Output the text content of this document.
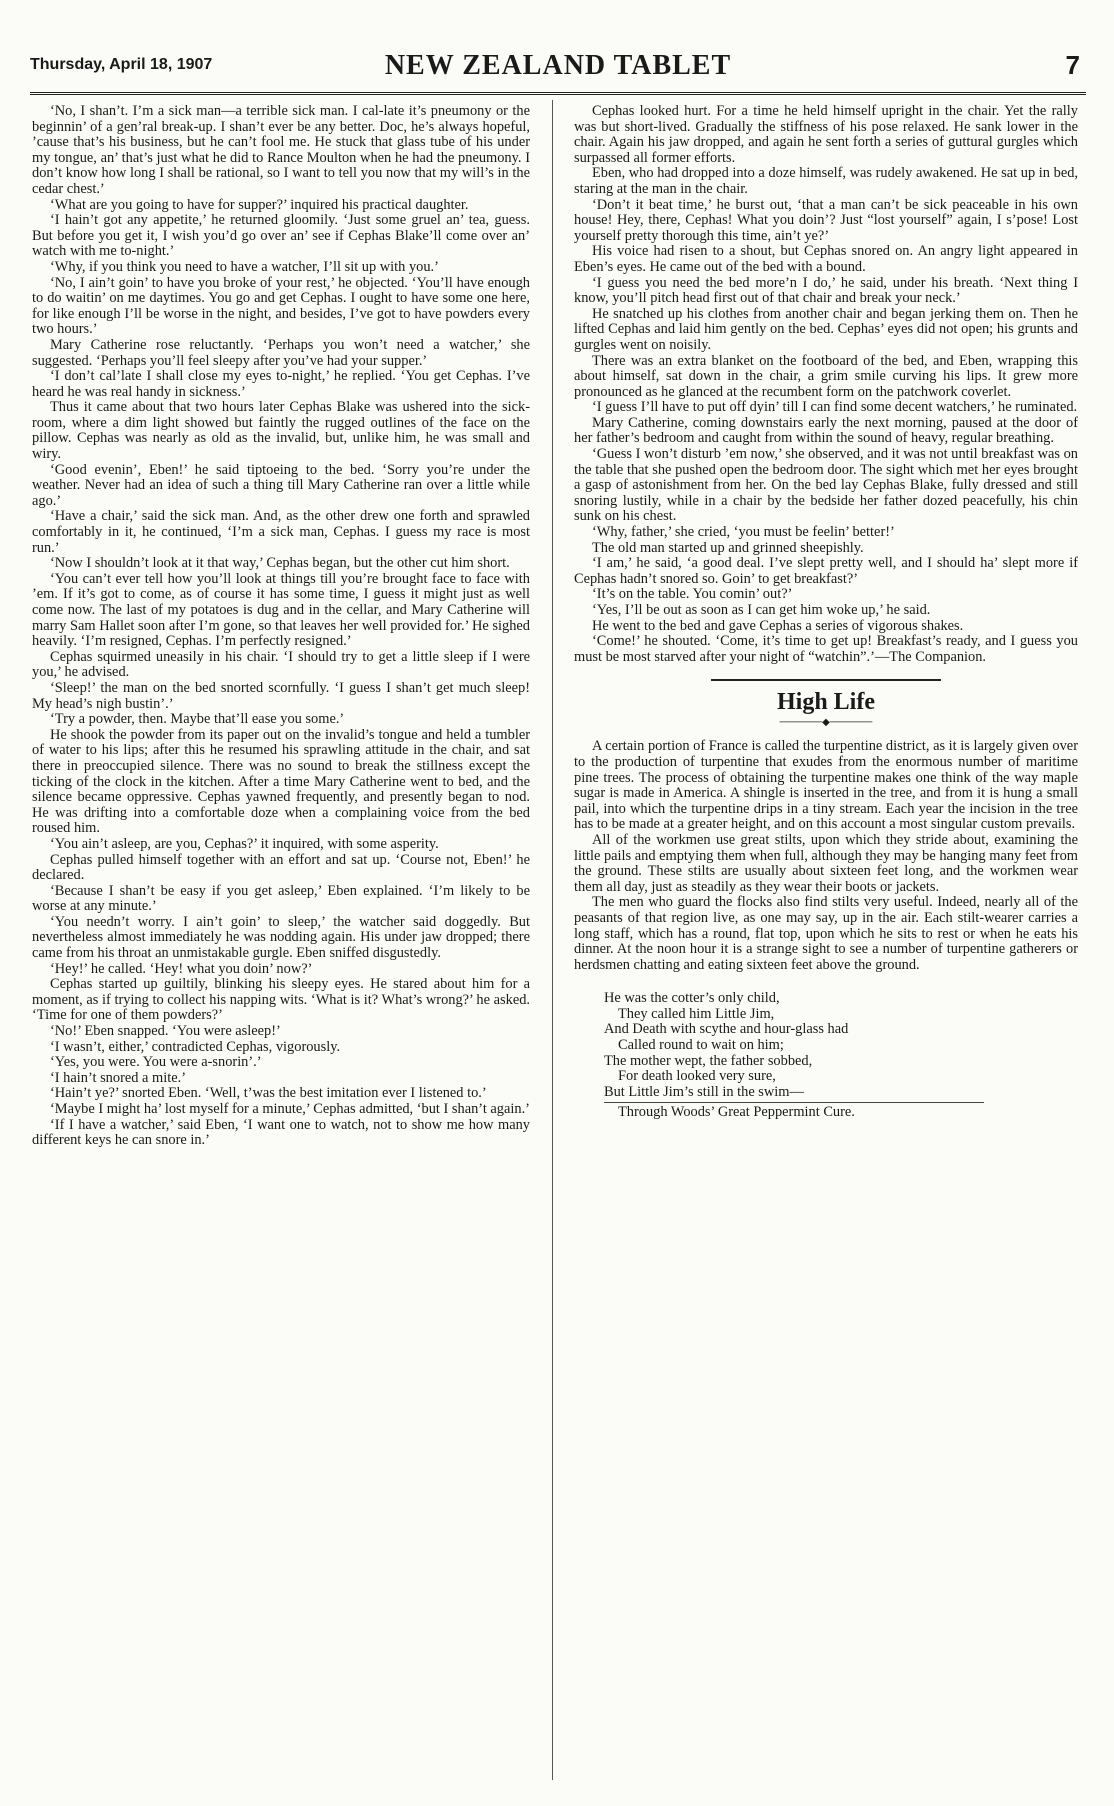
Thursday, April 18, 1907	NEW ZEALAND TABLET	7

‘No, I shan’t. I’m a sick man—a terrible sick man. I cal-late it’s pneumony or the beginnin’ of a gen’ral break-up. I shan’t ever be any better. Doc, he’s always hopeful, ’cause that’s his business, but he can’t fool me. He stuck that glass tube of his under my tongue, an’ that’s just what he did to Rance Moulton when he had the pneumony. I don’t know how long I shall be rational, so I want to tell you now that my will’s in the cedar chest.’

‘What are you going to have for supper?’ inquired his practical daughter.

‘I hain’t got any appetite,’ he returned gloomily. ‘Just some gruel an’ tea, guess. But before you get it, I wish you’d go over an’ see if Cephas Blake’ll come over an’ watch with me to-night.’

‘Why, if you think you need to have a watcher, I’ll sit up with you.’

‘No, I ain’t goin’ to have you broke of your rest,’ he objected. ‘You’ll have enough to do waitin’ on me daytimes. You go and get Cephas. I ought to have some one here, for like enough I’ll be worse in the night, and besides, I’ve got to have powders every two hours.’

Mary Catherine rose reluctantly. ‘Perhaps you won’t need a watcher,’ she suggested. ‘Perhaps you’ll feel sleepy after you’ve had your supper.’

‘I don’t cal’late I shall close my eyes to-night,’ he replied. ‘You get Cephas. I’ve heard he was real handy in sickness.’

Thus it came about that two hours later Cephas Blake was ushered into the sick-room, where a dim light showed but faintly the rugged outlines of the face on the pillow. Cephas was nearly as old as the invalid, but, unlike him, he was small and wiry.

‘Good evenin’, Eben!’ he said tiptoeing to the bed. ‘Sorry you’re under the weather. Never had an idea of such a thing till Mary Catherine ran over a little while ago.’

‘Have a chair,’ said the sick man. And, as the other drew one forth and sprawled comfortably in it, he continued, ‘I’m a sick man, Cephas. I guess my race is most run.’

‘Now I shouldn’t look at it that way,’ Cephas began, but the other cut him short.

‘You can’t ever tell how you’ll look at things till you’re brought face to face with ’em. If it’s got to come, as of course it has some time, I guess it might just as well come now. The last of my potatoes is dug and in the cellar, and Mary Catherine will marry Sam Hallet soon after I’m gone, so that leaves her well provided for.’ He sighed heavily. ‘I’m resigned, Cephas. I’m perfectly resigned.’

Cephas squirmed uneasily in his chair. ‘I should try to get a little sleep if I were you,’ he advised.

‘Sleep!’ the man on the bed snorted scornfully. ‘I guess I shan’t get much sleep! My head’s nigh bustin’.’

‘Try a powder, then. Maybe that’ll ease you some.’

He shook the powder from its paper out on the invalid’s tongue and held a tumbler of water to his lips; after this he resumed his sprawling attitude in the chair, and sat there in preoccupied silence. There was no sound to break the stillness except the ticking of the clock in the kitchen. After a time Mary Catherine went to bed, and the silence became oppressive. Cephas yawned frequently, and presently began to nod. He was drifting into a comfortable doze when a complaining voice from the bed roused him.

‘You ain’t asleep, are you, Cephas?’ it inquired, with some asperity.

Cephas pulled himself together with an effort and sat up. ‘Course not, Eben!’ he declared.

‘Because I shan’t be easy if you get asleep,’ Eben explained. ‘I’m likely to be worse at any minute.’

‘You needn’t worry. I ain’t goin’ to sleep,’ the watcher said doggedly. But nevertheless almost immediately he was nodding again. His under jaw dropped; there came from his throat an unmistakable gurgle. Eben sniffed disgustedly.

‘Hey!’ he called. ‘Hey! what you doin’ now?’

Cephas started up guiltily, blinking his sleepy eyes. He stared about him for a moment, as if trying to collect his napping wits. ‘What is it? What’s wrong?’ he asked. ‘Time for one of them powders?’

‘No!’ Eben snapped. ‘You were asleep!’

‘I wasn’t, either,’ contradicted Cephas, vigorously.

‘Yes, you were. You were a-snorin’.’

‘I hain’t snored a mite.’

‘Hain’t ye?’ snorted Eben. ‘Well, t’was the best imitation ever I listened to.’

‘Maybe I might ha’ lost myself for a minute,’ Cephas admitted, ‘but I shan’t again.’

‘If I have a watcher,’ said Eben, ‘I want one to watch, not to show me how many different keys he can snore in.’

Cephas looked hurt. For a time he held himself upright in the chair. Yet the rally was but short-lived. Gradually the stiffness of his pose relaxed. He sank lower in the chair. Again his jaw dropped, and again he sent forth a series of guttural gurgles which surpassed all former efforts.

Eben, who had dropped into a doze himself, was rudely awakened. He sat up in bed, staring at the man in the chair.

‘Don’t it beat time,’ he burst out, ‘that a man can’t be sick peaceable in his own house! Hey, there, Cephas! What you doin’? Just “lost yourself” again, I s’pose! Lost yourself pretty thorough this time, ain’t ye?’

His voice had risen to a shout, but Cephas snored on. An angry light appeared in Eben’s eyes. He came out of the bed with a bound.

‘I guess you need the bed more’n I do,’ he said, under his breath. ‘Next thing I know, you’ll pitch head first out of that chair and break your neck.’

He snatched up his clothes from another chair and began jerking them on. Then he lifted Cephas and laid him gently on the bed. Cephas’ eyes did not open; his grunts and gurgles went on noisily.

There was an extra blanket on the footboard of the bed, and Eben, wrapping this about himself, sat down in the chair, a grim smile curving his lips. It grew more pronounced as he glanced at the recumbent form on the patchwork coverlet.

‘I guess I’ll have to put off dyin’ till I can find some decent watchers,’ he ruminated.

Mary Catherine, coming downstairs early the next morning, paused at the door of her father’s bedroom and caught from within the sound of heavy, regular breathing.

‘Guess I won’t disturb ’em now,’ she observed, and it was not until breakfast was on the table that she pushed open the bedroom door. The sight which met her eyes brought a gasp of astonishment from her. On the bed lay Cephas Blake, fully dressed and still snoring lustily, while in a chair by the bedside her father dozed peacefully, his chin sunk on his chest.

‘Why, father,’ she cried, ‘you must be feelin’ better!’

The old man started up and grinned sheepishly.

‘I am,’ he said, ‘a good deal. I’ve slept pretty well, and I should ha’ slept more if Cephas hadn’t snored so. Goin’ to get breakfast?’

‘It’s on the table. You comin’ out?’

‘Yes, I’ll be out as soon as I can get him woke up,’ he said.

He went to the bed and gave Cephas a series of vigorous shakes.

‘Come!’ he shouted. ‘Come, it’s time to get up! Breakfast’s ready, and I guess you must be most starved after your night of “watchin”.’—The Companion.

High Life
──────◆──────

A certain portion of France is called the turpentine district, as it is largely given over to the production of turpentine that exudes from the enormous number of maritime pine trees. The process of obtaining the turpentine makes one think of the way maple sugar is made in America. A shingle is inserted in the tree, and from it is hung a small pail, into which the turpentine drips in a tiny stream. Each year the incision in the tree has to be made at a greater height, and on this account a most singular custom prevails.

All of the workmen use great stilts, upon which they stride about, examining the little pails and emptying them when full, although they may be hanging many feet from the ground. These stilts are usually about sixteen feet long, and the workmen wear them all day, just as steadily as they wear their boots or jackets.

The men who guard the flocks also find stilts very useful. Indeed, nearly all of the peasants of that region live, as one may say, up in the air. Each stilt-wearer carries a long staff, which has a round, flat top, upon which he sits to rest or when he eats his dinner. At the noon hour it is a strange sight to see a number of turpentine gatherers or herdsmen chatting and eating sixteen feet above the ground.

He was the cotter’s only child,
They called him Little Jim,
And Death with scythe and hour-glass had
Called round to wait on him;
The mother wept, the father sobbed,
For death looked very sure,
But Little Jim’s still in the swim—
Through Woods’ Great Peppermint Cure.
